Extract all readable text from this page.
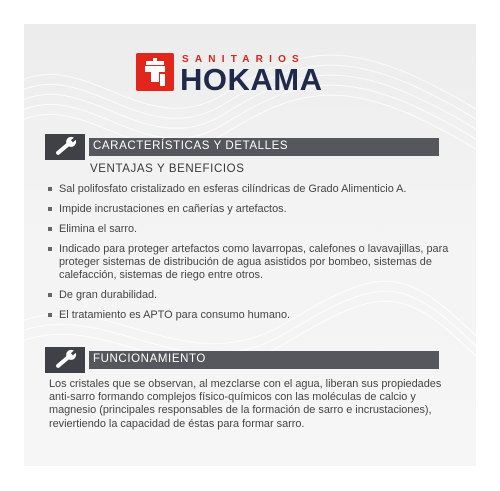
SANITARIOS
HOKAMA
CARACTERÍSTICAS Y DETALLES
VENTAJAS Y BENEFICIOS
Sal polifosfato cristalizado en esferas cilíndricas de Grado Alimenticio A.
Impide incrustaciones en cañerías y artefactos.
Elimina el sarro.
Indicado para proteger artefactos como lavarropas, calefones o lavavajillas, para proteger sistemas de distribución de agua asistidos por bombeo, sistemas de calefacción, sistemas de riego entre otros.
De gran durabilidad.
El tratamiento es APTO para consumo humano.
FUNCIONAMIENTO
Los cristales que se observan, al mezclarse con el agua, liberan sus propiedades anti-sarro formando complejos físico-químicos con las moléculas de calcio y magnesio (principales responsables de la formación de sarro e incrustaciones), reviertiendo la capacidad de éstas para formar sarro.
